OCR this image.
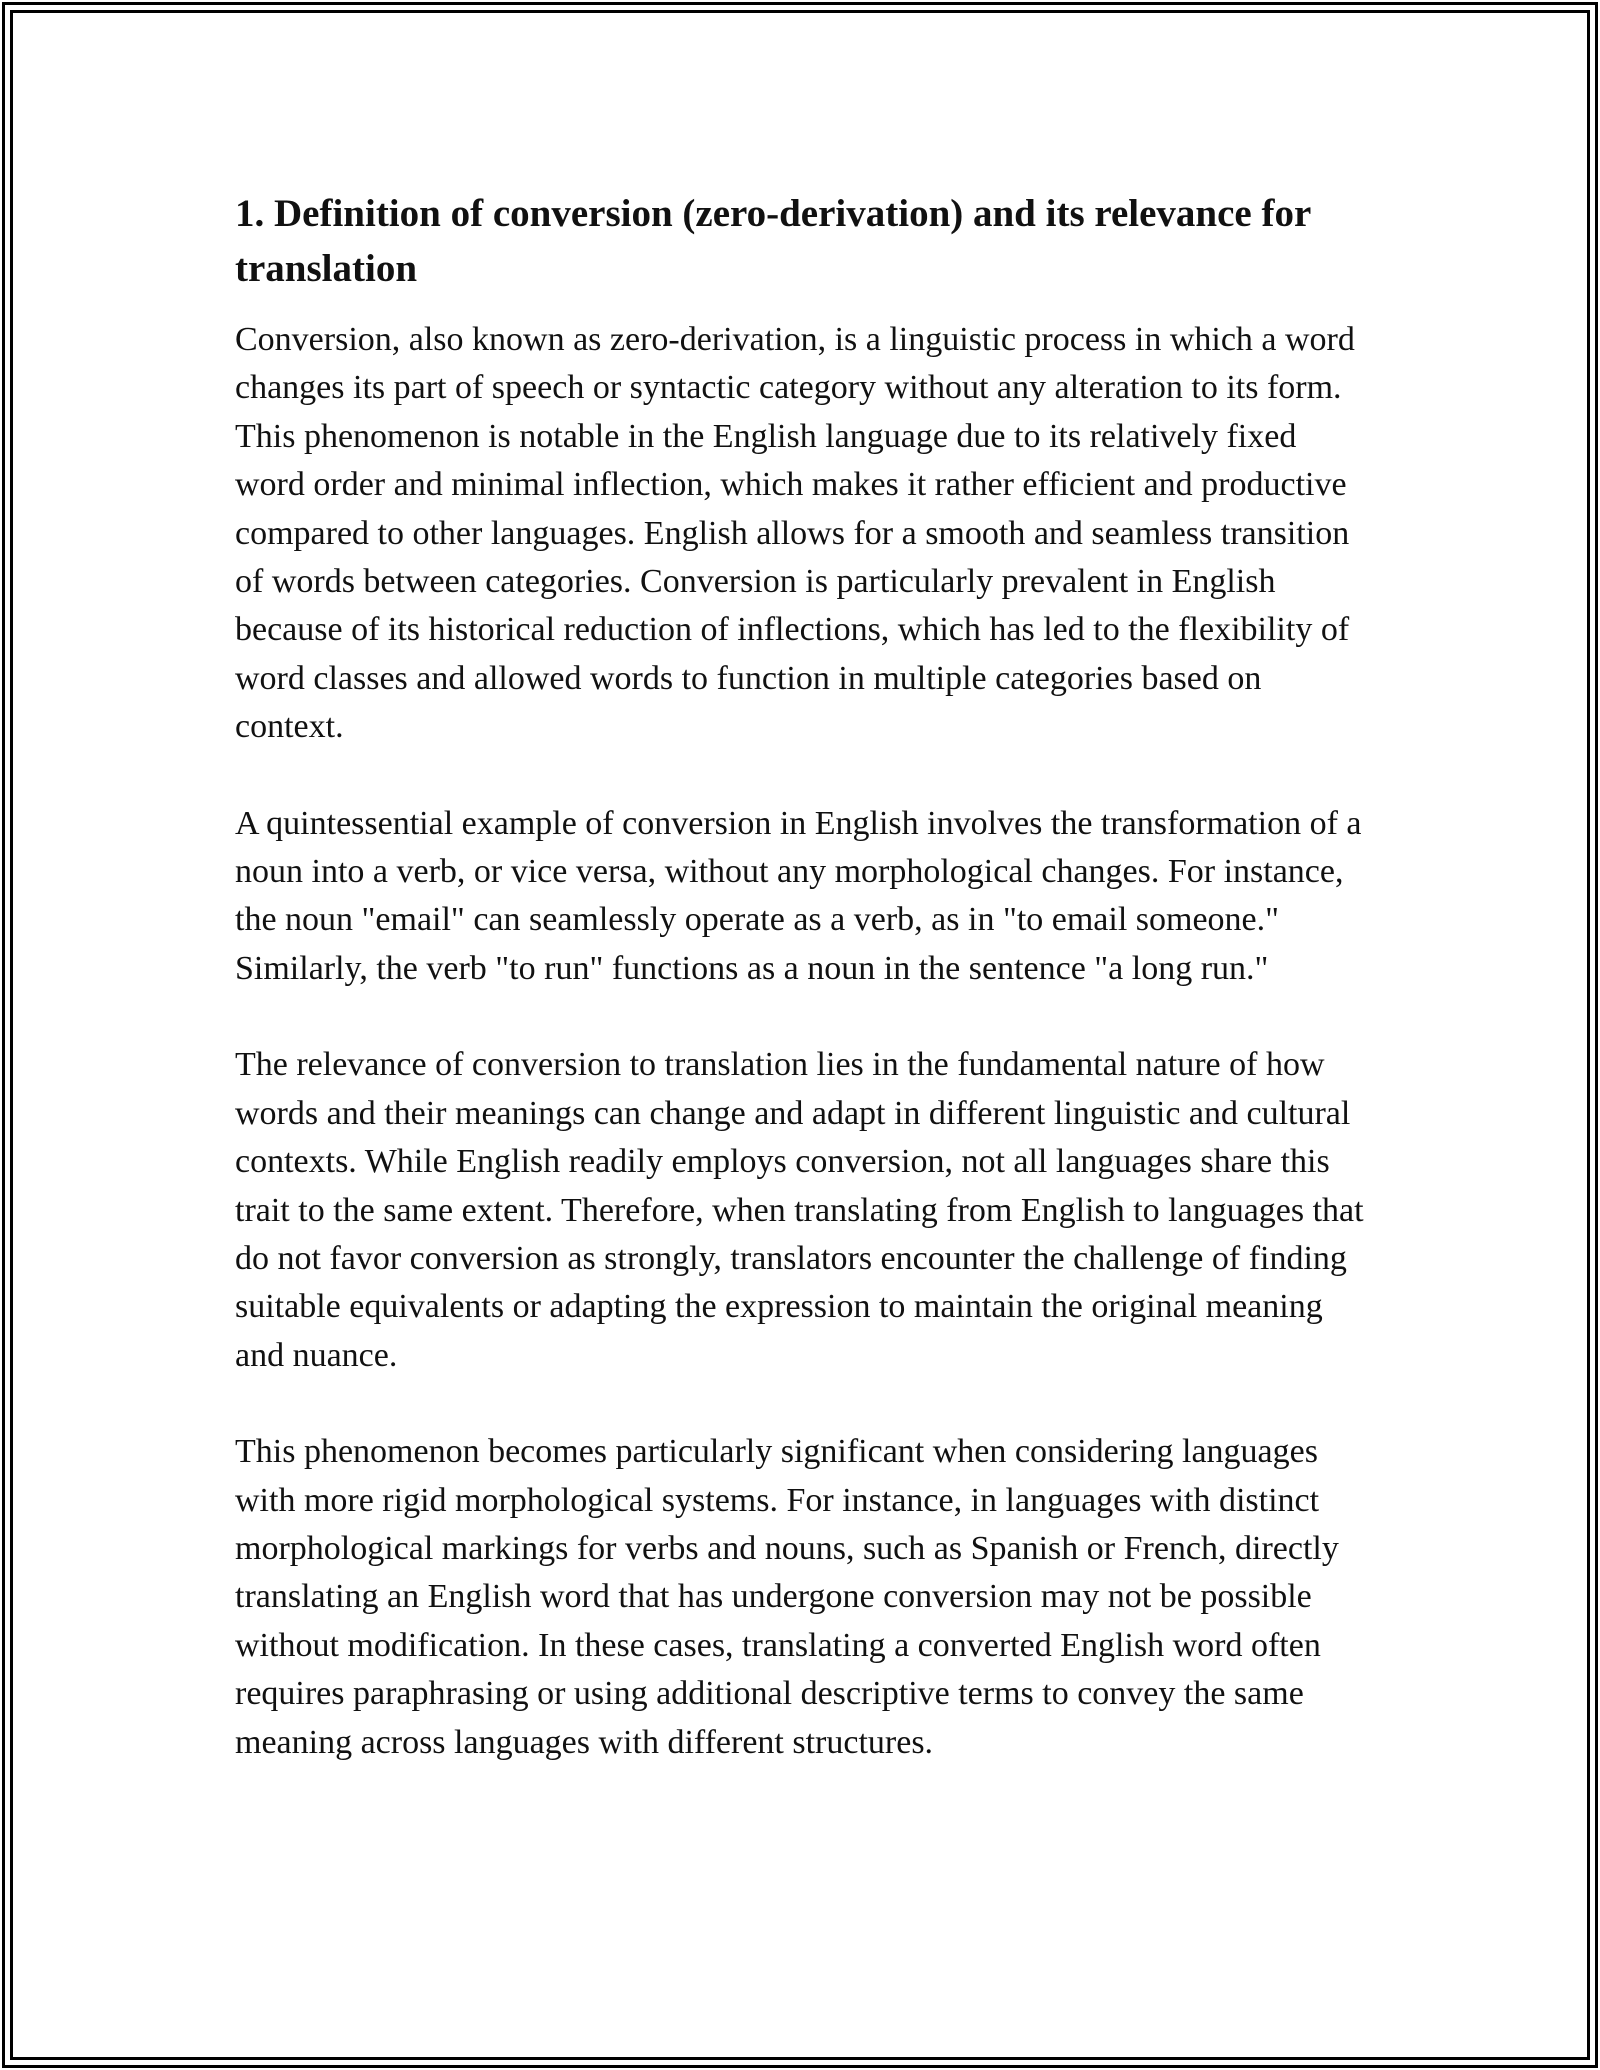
1. Definition of conversion (zero-derivation) and its relevance for translation

Conversion, also known as zero-derivation, is a linguistic process in which a word changes its part of speech or syntactic category without any alteration to its form. This phenomenon is notable in the English language due to its relatively fixed word order and minimal inflection, which makes it rather efficient and productive compared to other languages. English allows for a smooth and seamless transition of words between categories. Conversion is particularly prevalent in English because of its historical reduction of inflections, which has led to the flexibility of word classes and allowed words to function in multiple categories based on context.

A quintessential example of conversion in English involves the transformation of a noun into a verb, or vice versa, without any morphological changes. For instance, the noun "email" can seamlessly operate as a verb, as in "to email someone." Similarly, the verb "to run" functions as a noun in the sentence "a long run."

The relevance of conversion to translation lies in the fundamental nature of how words and their meanings can change and adapt in different linguistic and cultural contexts. While English readily employs conversion, not all languages share this trait to the same extent. Therefore, when translating from English to languages that do not favor conversion as strongly, translators encounter the challenge of finding suitable equivalents or adapting the expression to maintain the original meaning and nuance.

This phenomenon becomes particularly significant when considering languages with more rigid morphological systems. For instance, in languages with distinct morphological markings for verbs and nouns, such as Spanish or French, directly translating an English word that has undergone conversion may not be possible without modification. In these cases, translating a converted English word often requires paraphrasing or using additional descriptive terms to convey the same meaning across languages with different structures.
